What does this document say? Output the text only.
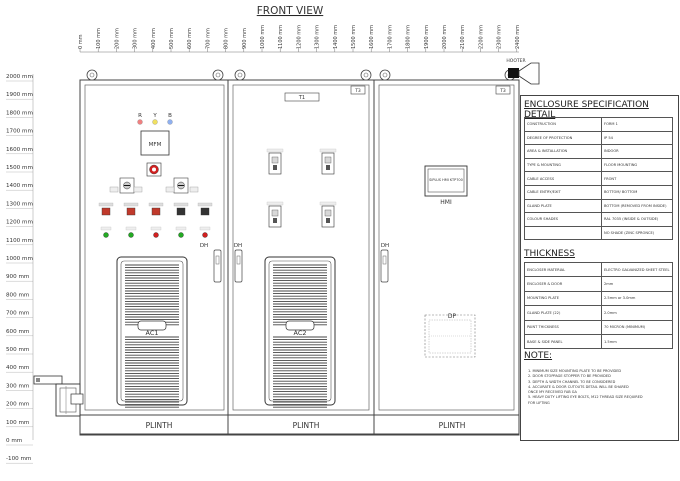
FRONT VIEW
0 mm 100 mm 200 mm 300 mm 400 mm 500 mm 600 mm 700 mm 800 mm 900 mm 1000 mm 1100 mm 1200 mm 1300 mm 1400 mm 1500 mm 1600 mm 1700 mm 1800 mm 1900 mm 2000 mm 2100 mm 2200 mm 2300 mm 2400 mm
2000 mm
1900 mm
1800 mm
1700 mm
1600 mm
1500 mm
1400 mm
1300 mm
1200 mm
1100 mm
1000 mm
900 mm
800 mm
700 mm
600 mm
500 mm
400 mm
300 mm
200 mm
100 mm
0 mm
-100 mm
PLINTH	PLINTH	PLINTH
HOOTER
R Y B
MFM
AC1
DH
T1
T3
DH
AC2
T3
SIPLUS HMI KTP700
HMI
DH
DP
ENCLOSURE SPECIFICATION DETAIL
CONSTRUCTION	FORM 1
DEGREE OF PROTECTION	IP 54
AREA & INSTALLATION	INDOOR
TYPE & MOUNTING	FLOOR MOUNTING
CABLE ACCESS	FRONT
CABLE ENTRY/EXIT	BOTTOM/ BOTTOM
GLAND PLATE	BOTTOM (REMOVED FROM INSIDE)
COLOUR SHADES	RAL 7035 (INSIDE & OUTSIDE)
	NO SHADE (ZINC SPRONCE)
THICKNESS
ENCLOSER MATERIAL	ELECTRO GALVANIZED SHEET STEEL
ENCLOSER & DOOR	2mm
MOUNTING PLATE	2.5mm or 3.0mm
GLAND PLATE (22)	2.0mm
PAINT THICKNESS	70 MICRON (MINIMUM)
BASE & SIDE PANEL	1.5mm
NOTE:
1. MINIMUM SIZE MOUNTING PLATE TO BE PROVIDED
2. DOOR STOPPAGE STOPPER TO BE PROVIDED
3. DEPTH & WIDTH CHANNEL TO BE CONSIDERED
4. ACCURATE & DOOR CUTOUTS DETAIL WILL BE SHARED
ONCE MY RECEIVED FAB GA
5. HEAVY DUTY LIFTING EYE BOLTS, M12 THREAD SIZE REQUIRED
FOR LIFTING
